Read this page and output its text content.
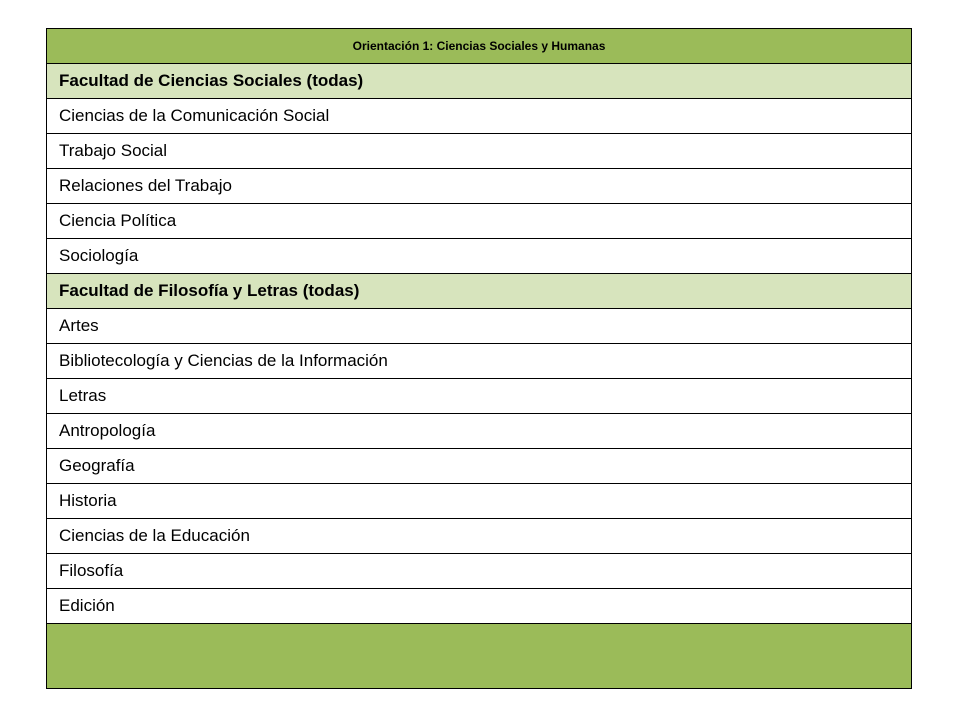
Orientación 1: Ciencias Sociales y Humanas
Facultad de Ciencias Sociales (todas)
Ciencias de la Comunicación Social
Trabajo Social
Relaciones del Trabajo
Ciencia Política
Sociología
Facultad de Filosofía y Letras (todas)
Artes
Bibliotecología y Ciencias de la Información
Letras
Antropología
Geografía
Historia
Ciencias de la Educación
Filosofía
Edición
